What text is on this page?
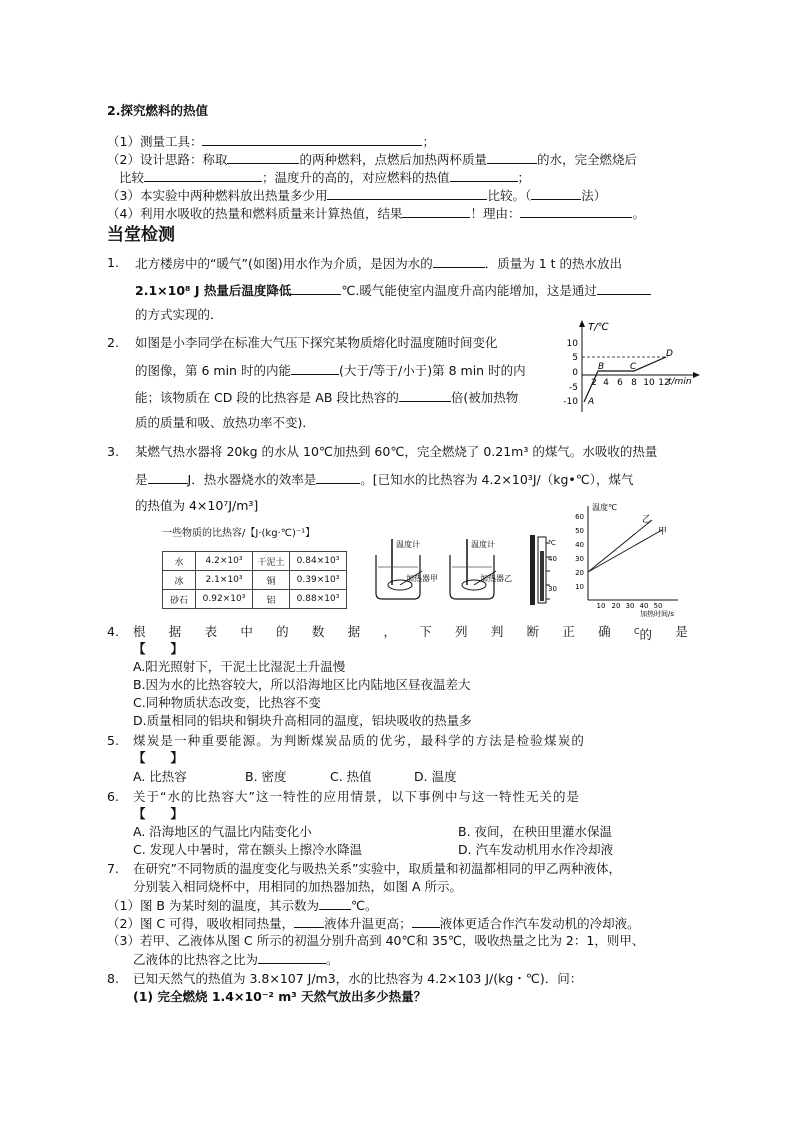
2.探究燃料的热值
（1）测量工具：	；
（2）设计思路：称取	的两种燃料，点燃后加热两杯质量	的水，完全燃烧后
比较	；温度升的高的，对应燃料的热值	；
（3）本实验中两种燃料放出热量多少用	比较。（	法）
（4）利用水吸收的热量和燃料质量来计算热值，结果	！理由：	。
当堂检测
1. 北方楼房中的“暖气”(如图)用水作为介质，是因为水的	．质量为 1 t 的热水放出
2.1×10⁸ J 热量后温度降低	℃.暖气能使室内温度升高内能增加，这是通过
的方式实现的．
2. 如图是小李同学在标准大气压下探究某物质熔化时温度随时间变化
的图像，第 6 min 时的内能	(大于/等于/小于)第 8 min 时的内
能；该物质在 CD 段的比热容是 AB 段比热容的	倍(被加热物
质的质量和吸、放热功率不变)．
T/℃
t/min
10
5
0
-5
-10
2 4 6 8 10 12
A
B	C
D
3. 某燃气热水器将 20kg 的水从 10℃加热到 60℃，完全燃烧了 0.21m³ 的煤气。水吸收的热量
是	J．热水器烧水的效率是	。[已知水的比热容为 4.2×10³J/（kg•℃），煤气
的热值为 4×10⁷J/m³]
一些物质的比热容/【J·(kg·℃)⁻¹】
水	4.2×10³	干泥土	0.84×10³
冰	2.1×10³	铜	0.39×10³
砂石	0.92×10³	铝	0.88×10³
温度计
加热器甲
温度计
加热器乙
℃
40
30
温度℃
加热时间/s
60
50
40
30
20
10
10 20 30 40 50
乙
甲
4. 根 据 表 中 的 数 据 ， 下 列 判 断 正 确	$^C$的 是
【　　】
A.阳光照射下，干泥土比湿泥土升温慢
B.因为水的比热容较大，所以沿海地区比内陆地区昼夜温差大
C.同种物质状态改变，比热容不变
D.质量相同的铝块和铜块升高相同的温度，铝块吸收的热量多
5. 煤炭是一种重要能源。为判断煤炭品质的优劣，最科学的方法是检验煤炭的
【　　】
A. 比热容	B. 密度	C. 热值	D. 温度
6. 关于“水的比热容大”这一特性的应用情景，以下事例中与这一特性无关的是
【　　】
A. 沿海地区的气温比内陆变化小	B. 夜间，在秧田里灌水保温
C. 发现人中暑时，常在额头上擦冷水降温	D. 汽车发动机用水作冷却液
7. 在研究”不同物质的温度变化与吸热关系”实验中，取质量和初温都相同的甲乙两种液体，
分别装入相同烧杯中，用相同的加热器加热，如图 A 所示。
（1）图 B 为某时刻的温度，其示数为	℃。
（2）图 C 可得，吸收相同热量， 液体升温更高； 液体更适合作汽车发动机的冷却液。
（3）若甲、乙液体从图 C 所示的初温分别升高到 40℃和 35℃，吸收热量之比为 2：1，则甲、
乙液体的比热容之比为	。
8. 已知天然气的热值为 3.8×107 J/m3，水的比热容为 4.2×103 J/(kg・℃)．问：
(1) 完全燃烧 1.4×10⁻² m³ 天然气放出多少热量？
